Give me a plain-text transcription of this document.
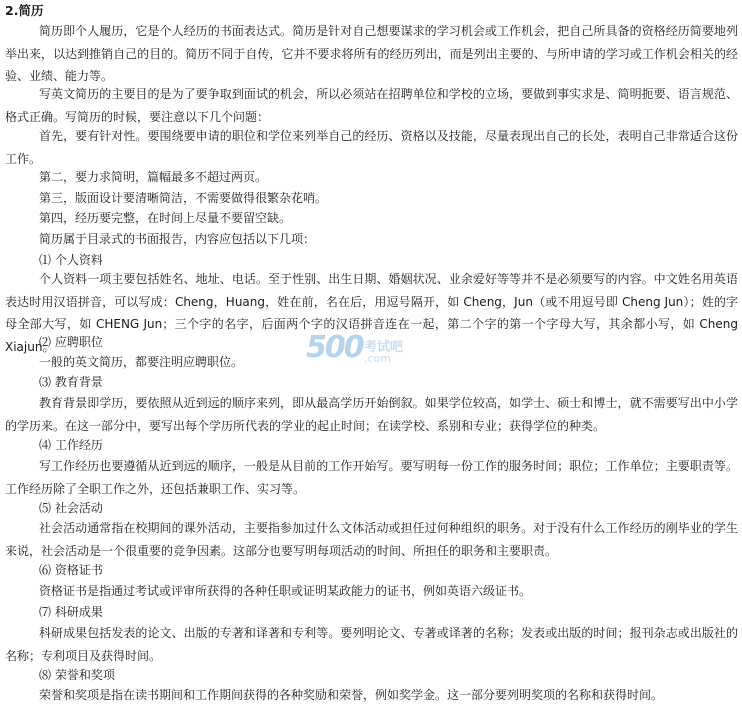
2.简历

简历即个人履历，它是个人经历的书面表达式。简历是针对自己想要谋求的学习机会或工作机会，把自己所具备的资格经历简要地列举出来，以达到推销自己的目的。简历不同于自传，它并不要求将所有的经历列出，而是列出主要的、与所申请的学习或工作机会相关的经验、业绩、能力等。

写英文简历的主要目的是为了要争取到面试的机会，所以必须站在招聘单位和学校的立场，要做到事实求是、简明扼要、语言规范、格式正确。写简历的时候，要注意以下几个问题：

首先，要有针对性。要围绕要申请的职位和学位来列举自己的经历、资格以及技能，尽量表现出自己的长处，表明自己非常适合这份工作。

第二，要力求简明，篇幅最多不超过两页。

第三，版面设计要清晰简洁，不需要做得很繁杂花哨。

第四，经历要完整，在时间上尽量不要留空缺。

简历属于目录式的书面报告，内容应包括以下几项：

⑴ 个人资料

个人资料一项主要包括姓名、地址、电话。至于性别、出生日期、婚姻状况、业余爱好等等并不是必须要写的内容。中文姓名用英语表达时用汉语拼音，可以写成：Cheng，Huang，姓在前，名在后，用逗号隔开，如 Cheng，Jun（或不用逗号即 Cheng Jun）；姓的字母全部大写，如 CHENG Jun；三个字的名字，后面两个字的汉语拼音连在一起，第二个字的第一个字母大写，其余都小写，如 Cheng Xiajun。

⑵ 应聘职位

一般的英文简历，都要注明应聘职位。

⑶ 教育背景

教育背景即学历，要依照从近到远的顺序来列，即从最高学历开始倒叙。如果学位较高，如学士、硕士和博士，就不需要写出中小学的学历来。在这一部分中，要写出每个学历所代表的学业的起止时间；在读学校、系别和专业；获得学位的种类。

⑷ 工作经历

写工作经历也要遵循从近到远的顺序，一般是从目前的工作开始写。要写明每一份工作的服务时间；职位；工作单位；主要职责等。工作经历除了全职工作之外，还包括兼职工作、实习等。

⑸ 社会活动

社会活动通常指在校期间的课外活动，主要指参加过什么文体活动或担任过何种组织的职务。对于没有什么工作经历的刚毕业的学生来说，社会活动是一个很重要的竞争因素。这部分也要写明每项活动的时间、所担任的职务和主要职责。

⑹ 资格证书

资格证书是指通过考试或评审所获得的各种任职或证明某政能力的证书，例如英语六级证书。

⑺ 科研成果

科研成果包括发表的论文、出版的专著和译著和专利等。要列明论文、专著或译著的名称；发表或出版的时间；报刊杂志或出版社的名称；专利项目及获得时间。

⑻ 荣誉和奖项

荣誉和奖项是指在读书期间和工作期间获得的各种奖励和荣誉，例如奖学金。这一部分要列明奖项的名称和获得时间。

500 考试吧
.com
